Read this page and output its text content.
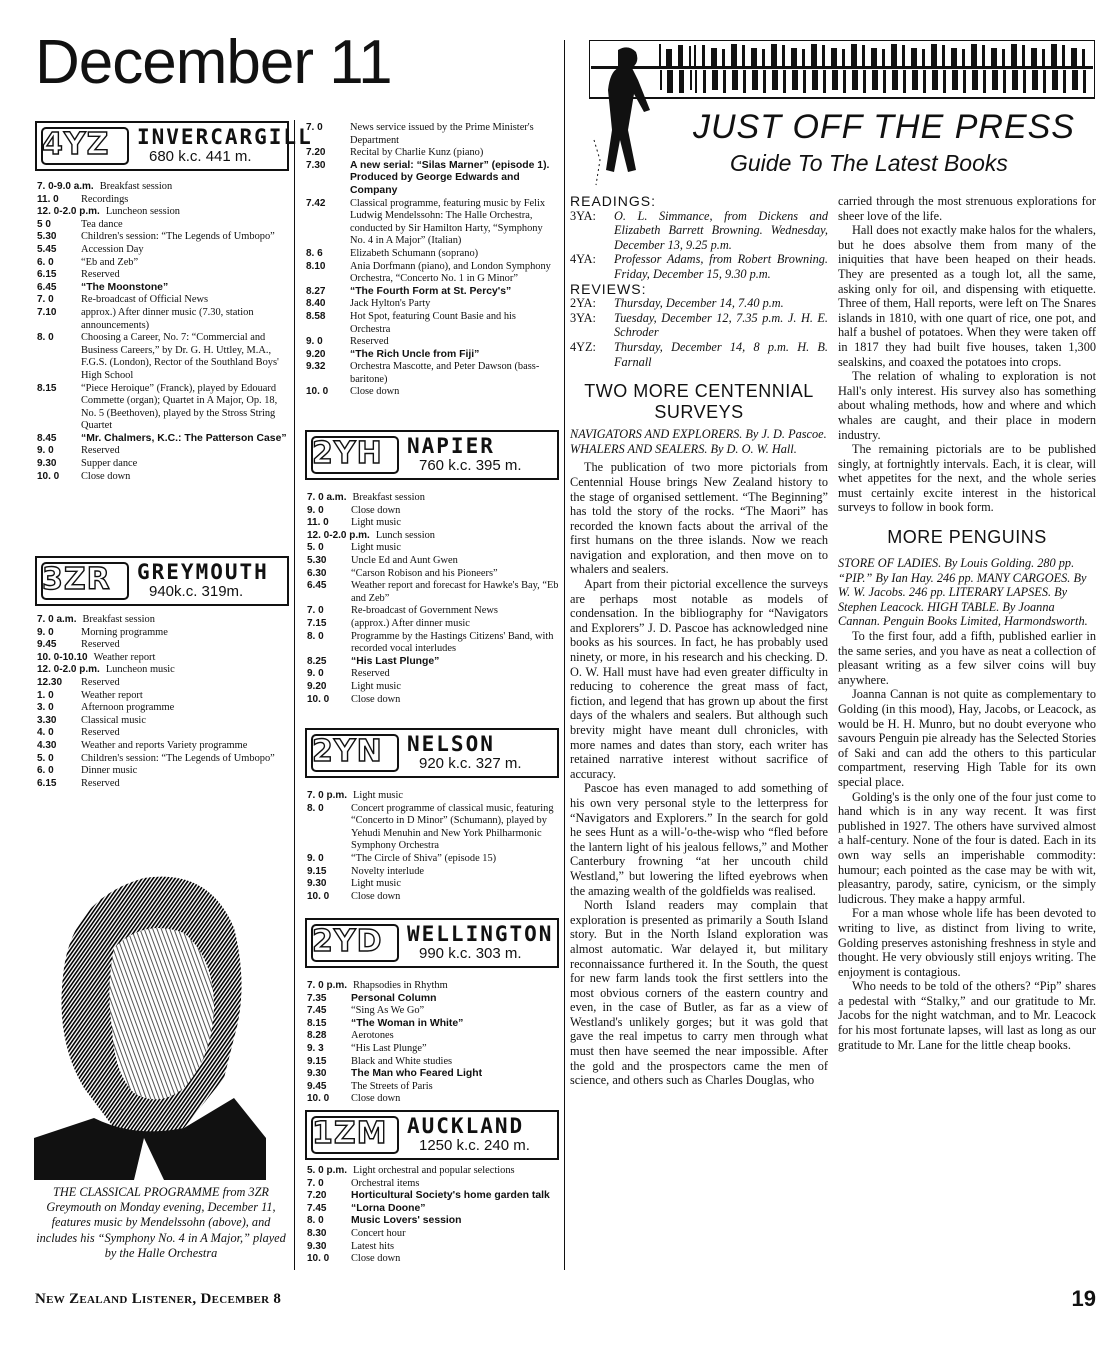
December 11
4YZ INVERCARGILL
680 k.c. 441 m.
7. 0-9.0 a.m. Breakfast session
11. 0	Recordings
12. 0-2.0 p.m. Luncheon session
5 0	Tea dance
5.30	Children's session: “The Legends of Umbopo”
5.45	Accession Day
6. 0	“Eb and Zeb”
6.15	Reserved
6.45	“The Moonstone”
7. 0	Re-broadcast of Official News
7.10	approx.) After dinner music (7.30, station announcements)
8. 0	Choosing a Career, No. 7: “Commercial and Business Careers,” by Dr. G. H. Uttley, M.A., F.G.S. (London), Rector of the Southland Boys' High School
8.15	“Piece Heroique” (Franck), played by Edouard Commette (organ); Quartet in A Major, Op. 18, No. 5 (Beethoven), played by the Stross String Quartet
8.45	“Mr. Chalmers, K.C.: The Patterson Case”
9. 0	Reserved
9.30	Supper dance
10. 0	Close down
3ZR GREYMOUTH
940k.c. 319m.
7. 0 a.m. Breakfast session
9. 0	Morning programme
9.45	Reserved
10. 0-10.10 Weather report
12. 0-2.0 p.m. Luncheon music
12.30	Reserved
1. 0	Weather report
3. 0	Afternoon programme
3.30	Classical music
4. 0	Reserved
4.30	Weather and reports Variety programme
5. 0	Children's session: “The Legends of Umbopo”
6. 0	Dinner music
6.15	Reserved
7. 0	News service issued by the Prime Minister's Department
7.20	Recital by Charlie Kunz (piano)
7.30	A new serial: “Silas Marner” (episode 1). Produced by George Edwards and Company
7.42	Classical programme, featuring music by Felix Ludwig Mendelssohn: The Halle Orchestra, conducted by Sir Hamilton Harty, “Symphony No. 4 in A Major” (Italian)
8. 6	Elizabeth Schumann (soprano)
8.10	Ania Dorfmann (piano), and London Symphony Orchestra, “Concerto No. 1 in G Minor”
8.27	“The Fourth Form at St. Percy's”
8.40	Jack Hylton's Party
8.58	Hot Spot, featuring Count Basie and his Orchestra
9. 0	Reserved
9.20	“The Rich Uncle from Fiji”
9.32	Orchestra Mascotte, and Peter Dawson (bass-baritone)
10. 0	Close down
2YH NAPIER
760 k.c. 395 m.
7. 0 a.m. Breakfast session
9. 0	Close down
11. 0	Light music
12. 0-2.0 p.m. Lunch session
5. 0	Light music
5.30	Uncle Ed and Aunt Gwen
6.30	“Carson Robison and his Pioneers”
6.45	Weather report and forecast for Hawke's Bay, “Eb and Zeb”
7. 0	Re-broadcast of Government News
7.15	(approx.) After dinner music
8. 0	Programme by the Hastings Citizens' Band, with recorded vocal interludes
8.25	“His Last Plunge”
9. 0	Reserved
9.20	Light music
10. 0	Close down
2YN NELSON
920 k.c. 327 m.
7. 0 p.m. Light music
8. 0	Concert programme of classical music, featuring “Concerto in D Minor” (Schumann), played by Yehudi Menuhin and New York Philharmonic Symphony Orchestra
9. 0	“The Circle of Shiva” (episode 15)
9.15	Novelty interlude
9.30	Light music
10. 0	Close down
2YD WELLINGTON
990 k.c. 303 m.
7. 0 p.m. Rhapsodies in Rhythm
7.35	Personal Column
7.45	“Sing As We Go”
8.15	“The Woman in White”
8.28	Aerotones
9. 3	“His Last Plunge”
9.15	Black and White studies
9.30	The Man who Feared Light
9.45	The Streets of Paris
10. 0	Close down
1ZM AUCKLAND
1250 k.c. 240 m.
5. 0 p.m. Light orchestral and popular selections
7. 0	Orchestral items
7.20	Horticultural Society's home garden talk
7.45	“Lorna Doone”
8. 0	Music Lovers' session
8.30	Concert hour
9.30	Latest hits
10. 0	Close down
THE CLASSICAL PROGRAMME from 3ZR Greymouth on Monday evening, December 11, features music by Mendelssohn (above), and includes his “Symphony No. 4 in A Major,” played by the Halle Orchestra
JUST OFF THE PRESS
Guide To The Latest Books
READINGS:
3YA:	O. L. Simmance, from Dickens and Elizabeth Barrett Browning. Wednesday, December 13, 9.25 p.m.
4YA:	Professor Adams, from Robert Browning. Friday, December 15, 9.30 p.m.
REVIEWS:
2YA:	Thursday, December 14, 7.40 p.m.
3YA:	Tuesday, December 12, 7.35 p.m. J. H. E. Schroder
4YZ:	Thursday, December 14, 8 p.m. H. B. Farnall
TWO MORE CENTENNIAL SURVEYS
NAVIGATORS AND EXPLORERS. By J. D. Pascoe. WHALERS AND SEALERS. By D. O. W. Hall.

The publication of two more pictorials from Centennial House brings New Zealand history to the stage of organised settlement. “The Beginning” has told the story of the rocks. “The Maori” has recorded the known facts about the arrival of the first humans on the three islands. Now we reach navigation and exploration, and then move on to whalers and sealers.

Apart from their pictorial excellence the surveys are perhaps most notable as models of condensation. In the bibliography for “Navigators and Explorers” J. D. Pascoe has acknowledged nine books as his sources. In fact, he has probably used ninety, or more, in his research and his checking. D. O. W. Hall must have had even greater difficulty in reducing to coherence the great mass of fact, fiction, and legend that has grown up about the first days of the whalers and sealers. But although such brevity might have meant dull chronicles, with more names and dates than story, each writer has retained narrative interest without sacrifice of accuracy.

Pascoe has even managed to add something of his own very personal style to the letterpress for “Navigators and Explorers.” In the search for gold he sees Hunt as a will-'o-the-wisp who “fled before the lantern light of his jealous fellows,” and Mother Canterbury frowning “at her uncouth child Westland,” but lowering the lifted eyebrows when the amazing wealth of the goldfields was realised.

North Island readers may complain that exploration is presented as primarily a South Island story. But in the North Island exploration was almost automatic. War delayed it, but military reconnaissance furthered it. In the South, the quest for new farm lands took the first settlers into the most obvious corners of the eastern country and even, in the case of Butler, as far as a view of Westland's unlikely gorges; but it was gold that gave the real impetus to carry men through what must then have seemed the near impossible. After the gold and the prospectors came the men of science, and others such as Charles Douglas, who

carried through the most strenuous explorations for sheer love of the life.

Hall does not exactly make halos for the whalers, but he does absolve them from many of the iniquities that have been heaped on their heads. They are presented as a tough lot, all the same, asking only for oil, and dispensing with etiquette. Three of them, Hall reports, were left on The Snares islands in 1810, with one quart of rice, one pot, and half a bushel of potatoes. When they were taken off in 1817 they had built five houses, taken 1,300 sealskins, and coaxed the potatoes into crops.

The relation of whaling to exploration is not Hall's only interest. His survey also has something about whaling methods, how and where and which whales are caught, and their place in modern industry.

The remaining pictorials are to be published singly, at fortnightly intervals. Each, it is clear, will whet appetites for the next, and the whole series must certainly excite interest in the historical surveys to follow in book form.

MORE PENGUINS
STORE OF LADIES. By Louis Golding. 280 pp. “PIP.” By Ian Hay. 246 pp. MANY CARGOES. By W. W. Jacobs. 246 pp. LITERARY LAPSES. By Stephen Leacock. HIGH TABLE. By Joanna Cannan. Penguin Books Limited, Harmondsworth.

To the first four, add a fifth, published earlier in the same series, and you have as neat a collection of pleasant writing as a few silver coins will buy anywhere.

Joanna Cannan is not quite as complementary to Golding (in this mood), Hay, Jacobs, or Leacock, as would be H. H. Munro, but no doubt everyone who savours Penguin pie already has the Selected Stories of Saki and can add the others to this particular compartment, reserving High Table for its own special place.

Golding's is the only one of the four just come to hand which is in any way recent. It was first published in 1927. The others have survived almost a half-century. None of the four is dated. Each in its own way sells an imperishable commodity: humour; each pointed as the case may be with wit, pleasantry, parody, satire, cynicism, or the simply ludicrous. They make a happy armful.

For a man whose whole life has been devoted to writing to live, as distinct from living to write, Golding preserves astonishing freshness in style and thought. He very obviously still enjoys writing. The enjoyment is contagious.

Who needs to be told of the others? “Pip” shares a pedestal with “Stalky,” and our gratitude to Mr. Jacobs for the night watchman, and to Mr. Leacock for his most fortunate lapses, will last as long as our gratitude to Mr. Lane for the little cheap books.

New Zealand Listener, December 8	19
